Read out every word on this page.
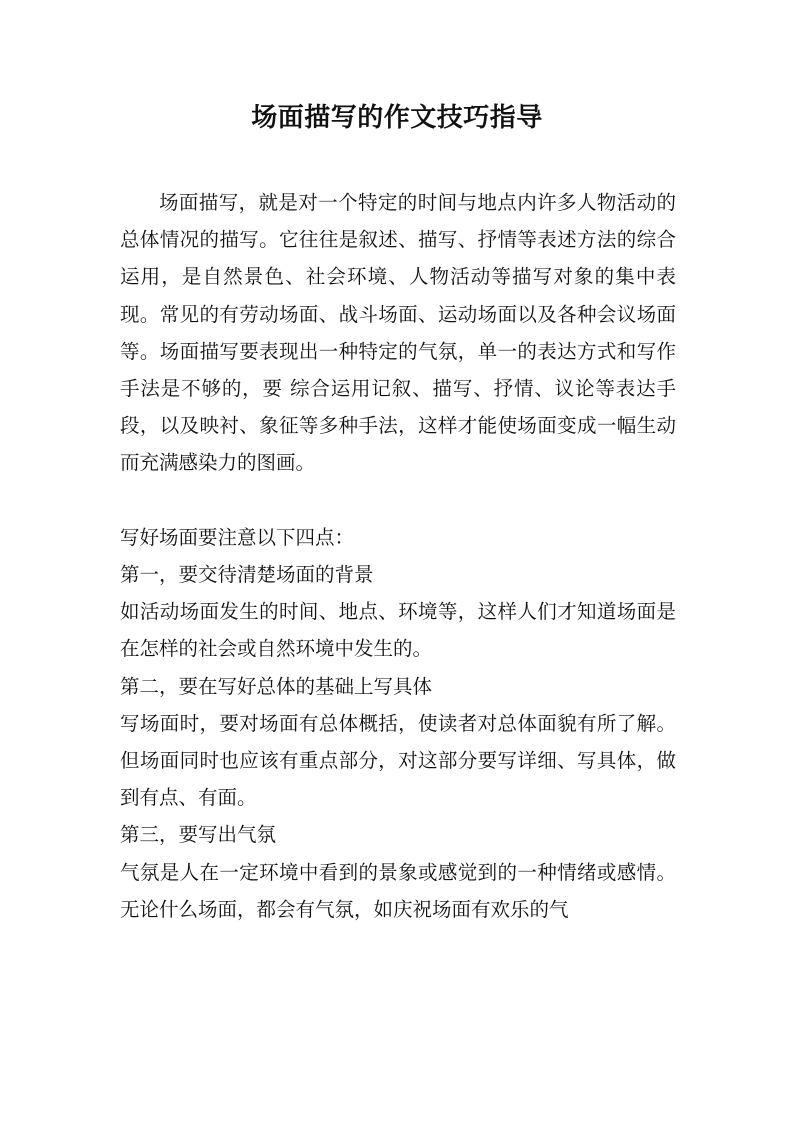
场面描写的作文技巧指导

场面描写，就是对一个特定的时间与地点内许多人物活动的总体情况的描写。它往往是叙述、描写、抒情等表述方法的综合运用，是自然景色、社会环境、人物活动等描写对象的集中表现。常见的有劳动场面、战斗场面、运动场面以及各种会议场面等。场面描写要表现出一种特定的气氛，单一的表达方式和写作手法是不够的，要 综合运用记叙、描写、抒情、议论等表达手段，以及映衬、象征等多种手法，这样才能使场面变成一幅生动而充满感染力的图画。

写好场面要注意以下四点：

第一，要交待清楚场面的背景

如活动场面发生的时间、地点、环境等，这样人们才知道场面是在怎样的社会或自然环境中发生的。

第二，要在写好总体的基础上写具体

写场面时，要对场面有总体概括，使读者对总体面貌有所了解。但场面同时也应该有重点部分，对这部分要写详细、写具体，做到有点、有面。

第三，要写出气氛

气氛是人在一定环境中看到的景象或感觉到的一种情绪或感情。无论什么场面，都会有气氛，如庆祝场面有欢乐的气
